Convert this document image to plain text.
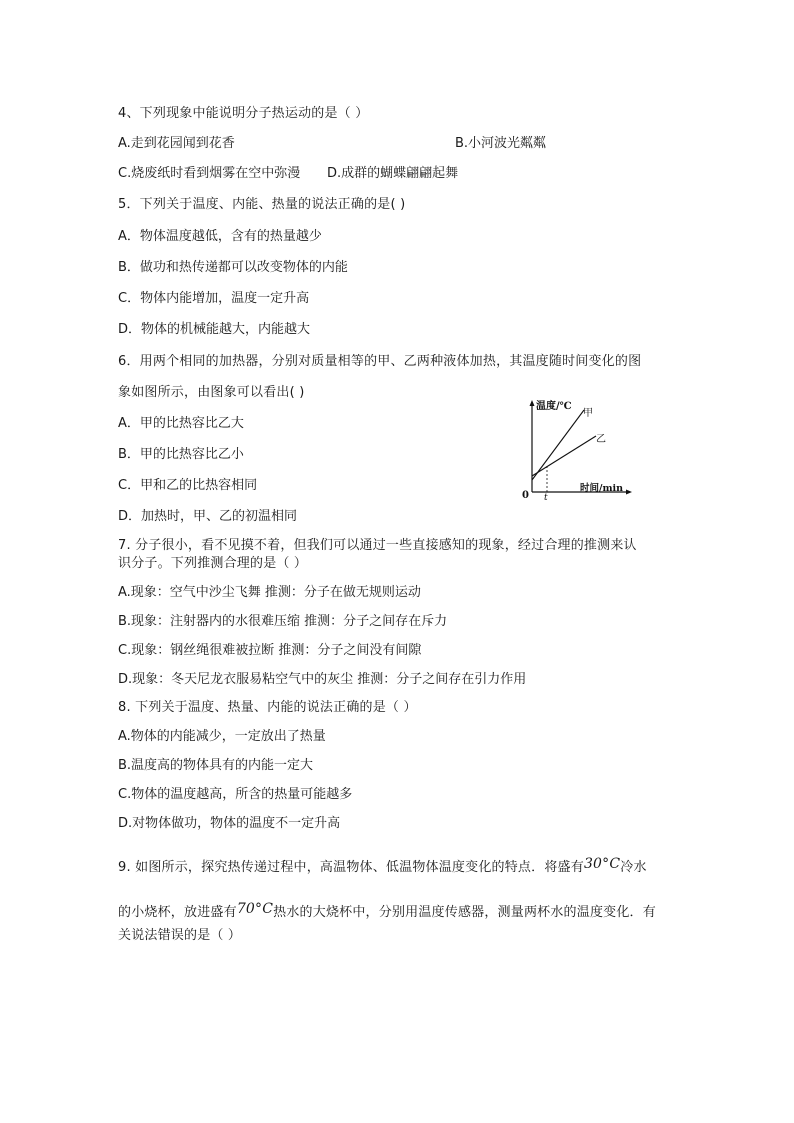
4、下列现象中能说明分子热运动的是（ ）
A.走到花园闻到花香	B.小河波光粼粼
C.烧废纸时看到烟雾在空中弥漫 D.成群的蝴蝶翩翩起舞
5．下列关于温度、内能、热量的说法正确的是( )
A．物体温度越低，含有的热量越少
B．做功和热传递都可以改变物体的内能
C．物体内能增加，温度一定升高
D．物体的机械能越大，内能越大
6．用两个相同的加热器，分别对质量相等的甲、乙两种液体加热，其温度随时间变化的图
象如图所示，由图象可以看出( )
A．甲的比热容比乙大
B．甲的比热容比乙小
C．甲和乙的比热容相同
D．加热时，甲、乙的初温相同
温度/℃
时间/min
0 t
甲
乙
7. 分子很小，看不见摸不着，但我们可以通过一些直接感知的现象，经过合理的推测来认
识分子。下列推测合理的是（ ）
A.现象：空气中沙尘飞舞 推测：分子在做无规则运动
B.现象：注射器内的水很难压缩 推测：分子之间存在斥力
C.现象：钢丝绳很难被拉断 推测：分子之间没有间隙
D.现象：冬天尼龙衣服易粘空气中的灰尘 推测：分子之间存在引力作用
8. 下列关于温度、热量、内能的说法正确的是（ ）
A.物体的内能减少，一定放出了热量
B.温度高的物体具有的内能一定大
C.物体的温度越高，所含的热量可能越多
D.对物体做功，物体的温度不一定升高
9. 如图所示，探究热传递过程中，高温物体、低温物体温度变化的特点．将盛有30°C冷水
的小烧杯，放进盛有70°C热水的大烧杯中，分别用温度传感器，测量两杯水的温度变化．有
关说法错误的是（ ）
